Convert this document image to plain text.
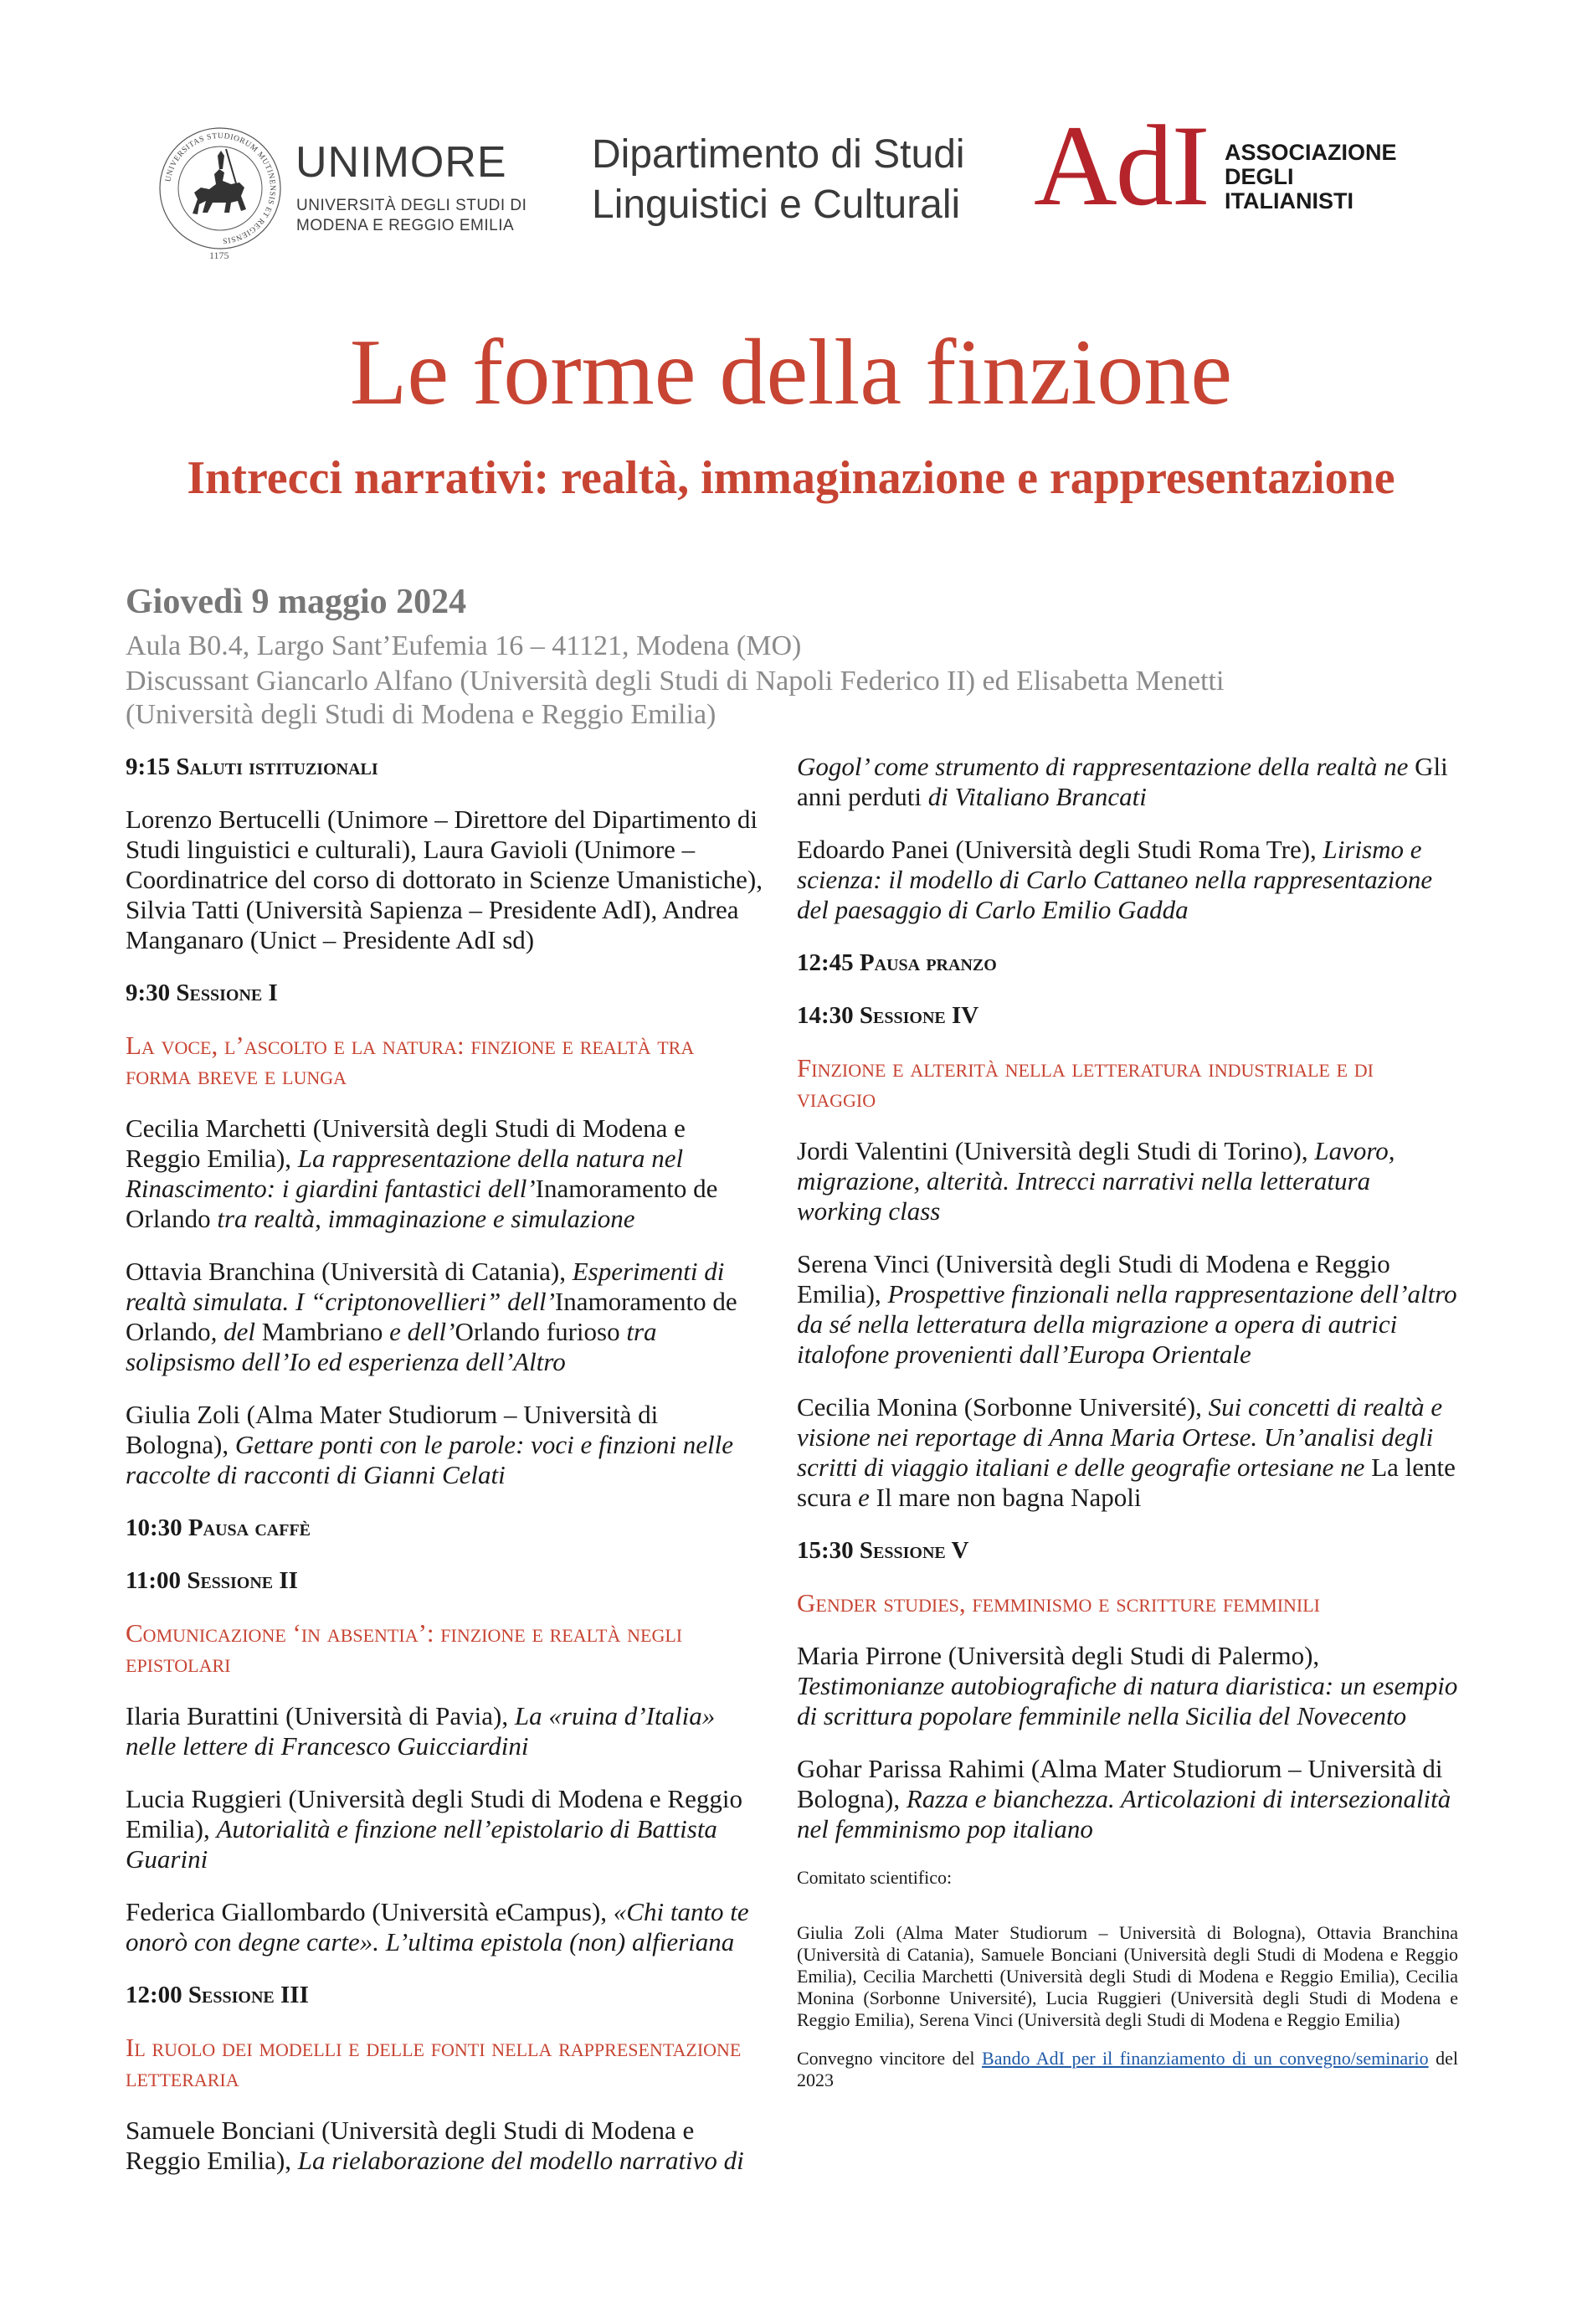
UNIVERSITAS STUDIORUM MUTINENSIS ET REGIENSIS
1175
UNIMORE
UNIVERSITÀ DEGLI STUDI DI
MODENA E REGGIO EMILIA
Dipartimento di Studi
Linguistici e Culturali AdI ASSOCIAZIONE
DEGLI
ITALIANISTI
Le forme della finzione
Intrecci narrativi: realtà, immaginazione e rappresentazione
Giovedì 9 maggio 2024
Aula B0.4, Largo Sant’Eufemia 16 – 41121, Modena (MO)
Discussant Giancarlo Alfano (Università degli Studi di Napoli Federico II) ed Elisabetta Menetti
(Università degli Studi di Modena e Reggio Emilia)
9:15 Saluti istituzionali
Lorenzo Bertucelli (Unimore – Direttore del Dipartimento di Studi linguistici e culturali), Laura Gavioli (Unimore – Coordinatrice del corso di dottorato in Scienze Umanistiche), Silvia Tatti (Università Sapienza – Presidente AdI), Andrea Manganaro (Unict – Presidente AdI sd)
9:30 Sessione I
La voce, l’ascolto e la natura: finzione e realtà tra forma breve e lunga
Cecilia Marchetti (Università degli Studi di Modena e Reggio Emilia), La rappresentazione della natura nel Rinascimento: i giardini fantastici dell’Inamoramento de Orlando tra realtà, immaginazione e simulazione
Ottavia Branchina (Università di Catania), Esperimenti di realtà simulata. I “criptonovellieri” dell’Inamoramento de Orlando, del Mambriano e dell’Orlando furioso tra solipsismo dell’Io ed esperienza dell’Altro
Giulia Zoli (Alma Mater Studiorum – Università di Bologna), Gettare ponti con le parole: voci e finzioni nelle raccolte di racconti di Gianni Celati
10:30 Pausa caffè
11:00 Sessione II
Comunicazione ‘in absentia’: finzione e realtà negli epistolari
Ilaria Burattini (Università di Pavia), La «ruina d’Italia» nelle lettere di Francesco Guicciardini
Lucia Ruggieri (Università degli Studi di Modena e Reggio Emilia), Autorialità e finzione nell’epistolario di Battista Guarini
Federica Giallombardo (Università eCampus), «Chi tanto te onorò con degne carte». L’ultima epistola (non) alfieriana
12:00 Sessione III
Il ruolo dei modelli e delle fonti nella rappresentazione letteraria
Samuele Bonciani (Università degli Studi di Modena e Reggio Emilia), La rielaborazione del modello narrativo di
Gogol’ come strumento di rappresentazione della realtà ne Gli anni perduti di Vitaliano Brancati
Edoardo Panei (Università degli Studi Roma Tre), Lirismo e scienza: il modello di Carlo Cattaneo nella rappresentazione del paesaggio di Carlo Emilio Gadda
12:45 Pausa pranzo
14:30 Sessione IV
Finzione e alterità nella letteratura industriale e di viaggio
Jordi Valentini (Università degli Studi di Torino), Lavoro, migrazione, alterità. Intrecci narrativi nella letteratura working class
Serena Vinci (Università degli Studi di Modena e Reggio Emilia), Prospettive finzionali nella rappresentazione dell’altro da sé nella letteratura della migrazione a opera di autrici italofone provenienti dall’Europa Orientale
Cecilia Monina (Sorbonne Université), Sui concetti di realtà e visione nei reportage di Anna Maria Ortese. Un’analisi degli scritti di viaggio italiani e delle geografie ortesiane ne La lente scura e Il mare non bagna Napoli
15:30 Sessione V
Gender studies, femminismo e scritture femminili
Maria Pirrone (Università degli Studi di Palermo), Testimonianze autobiografiche di natura diaristica: un esempio di scrittura popolare femminile nella Sicilia del Novecento
Gohar Parissa Rahimi (Alma Mater Studiorum – Università di Bologna), Razza e bianchezza. Articolazioni di intersezionalità nel femminismo pop italiano
Comitato scientifico:
Giulia Zoli (Alma Mater Studiorum – Università di Bologna), Ottavia Branchina (Università di Catania), Samuele Bonciani (Università degli Studi di Modena e Reggio Emilia), Cecilia Marchetti (Università degli Studi di Modena e Reggio Emilia), Cecilia Monina (Sorbonne Université), Lucia Ruggieri (Università degli Studi di Modena e Reggio Emilia), Serena Vinci (Università degli Studi di Modena e Reggio Emilia)
Convegno vincitore del Bando AdI per il finanziamento di un convegno/seminario del 2023
